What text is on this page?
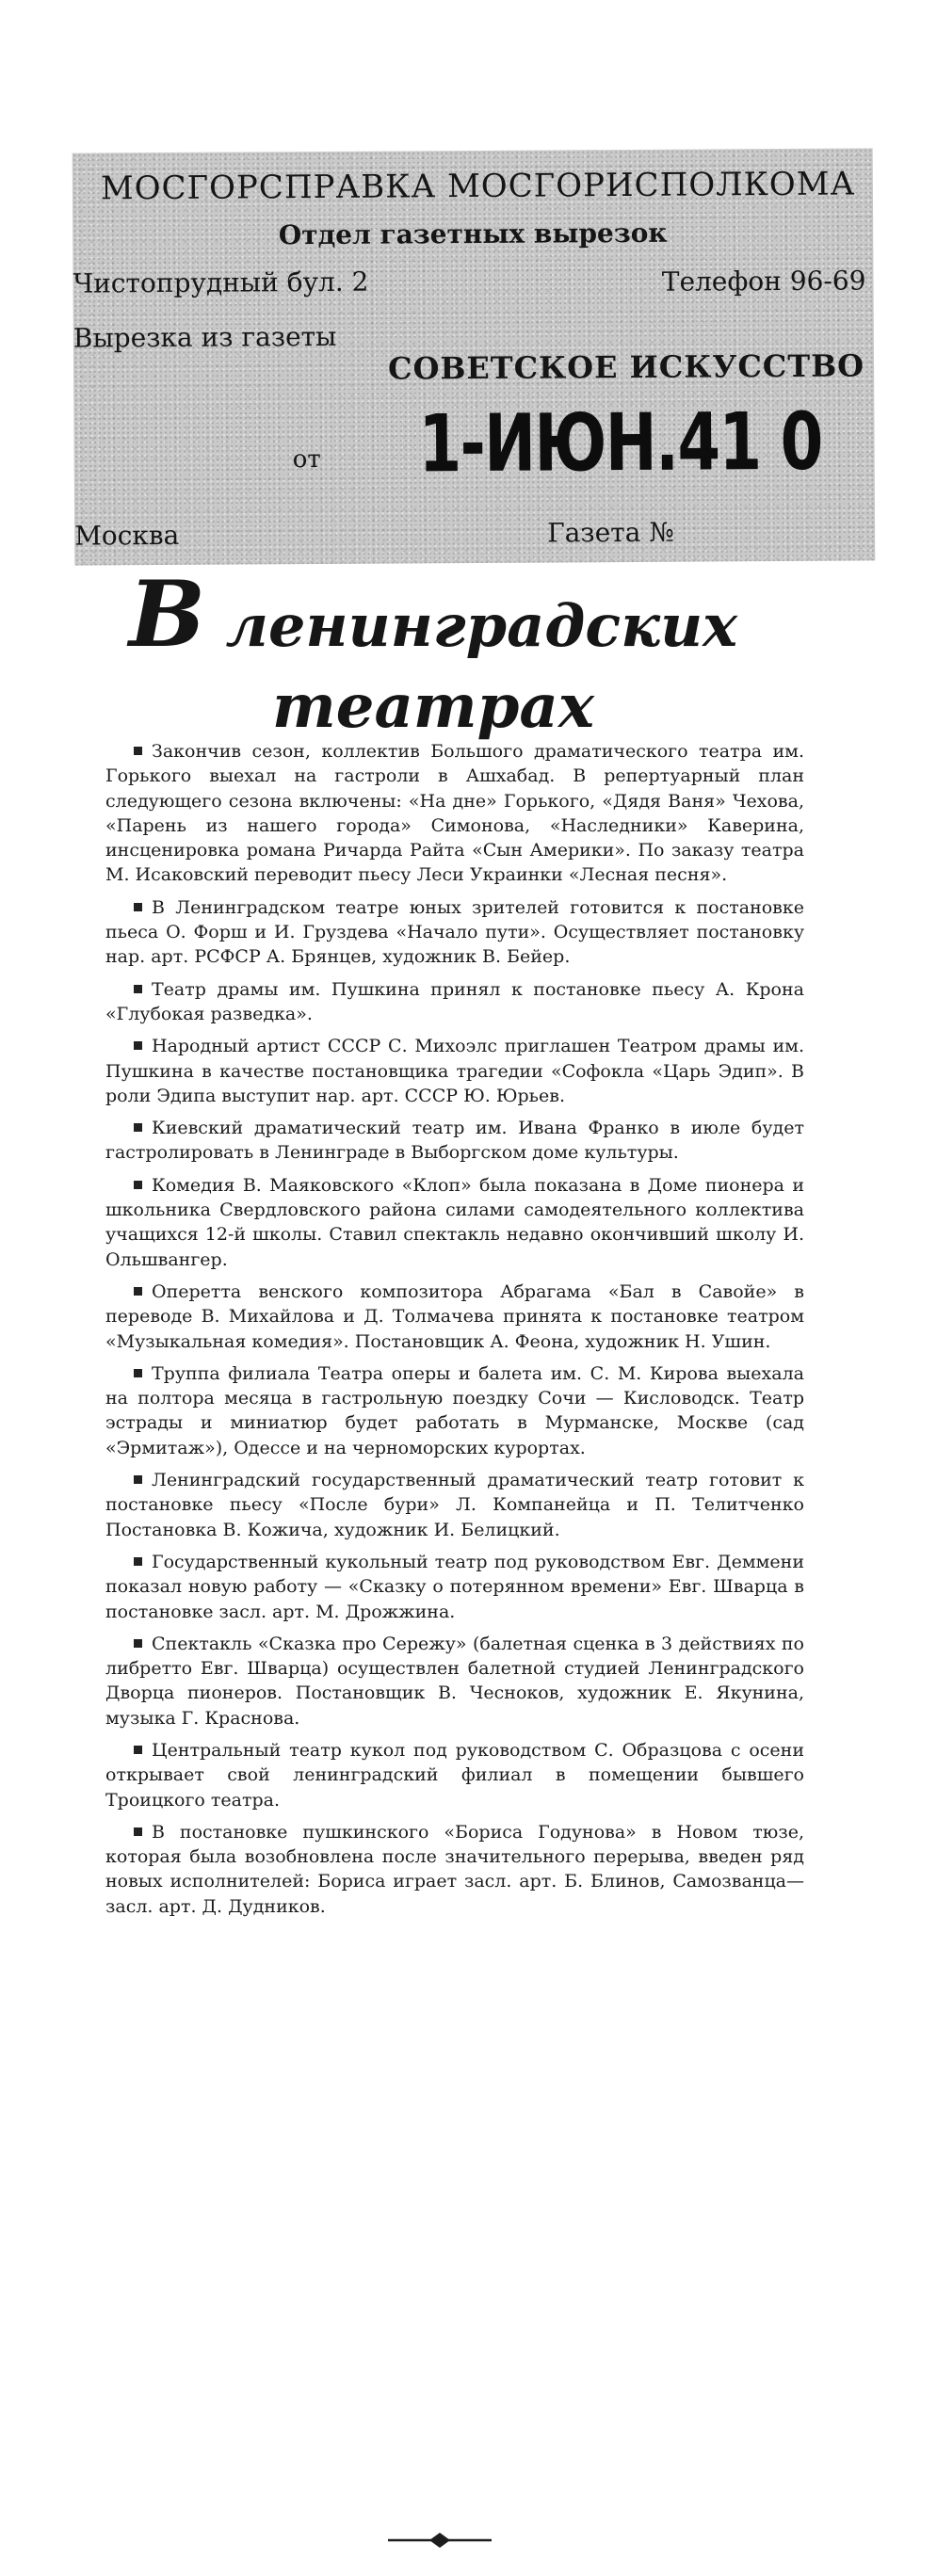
МОСГОРСПРАВКА МОСГОРИСПОЛКОМА
Отдел газетных вырезок
Чистопрудный бул. 2	Телефон 96-69
Вырезка из газеты
СОВЕТСКОЕ ИСКУССТВО
от 1-ИЮН.41 0
Москва	Газета №
В ленинградских
театрах

Закончив сезон, коллектив Большого драматического театра им. Горького выехал на гастроли в Ашхабад. В репертуарный план следующего сезона включены: «На дне» Горького, «Дядя Ваня» Чехова, «Парень из нашего города» Симонова, «Наследники» Каверина, инсценировка романа Ричарда Райта «Сын Америки». По заказу театра М. Исаковский переводит пьесу Леси Украинки «Лесная песня».

В Ленинградском театре юных зрителей готовится к постановке пьеса О. Форш и И. Груздева «Начало пути». Осуществляет постановку нар. арт. РСФСР А. Брянцев, художник В. Бейер.

Театр драмы им. Пушкина принял к постановке пьесу А. Крона «Глубокая разведка».

Народный артист СССР С. Михоэлс приглашен Театром драмы им. Пушкина в качестве постановщика трагедии «Софокла «Царь Эдип». В роли Эдипа выступит нар. арт. СССР Ю. Юрьев.

Киевский драматический театр им. Ивана Франко в июле будет гастролировать в Ленинграде в Выборгском доме культуры.

Комедия В. Маяковского «Клоп» была показана в Доме пионера и школьника Свердловского района силами самодеятельного коллектива учащихся 12-й школы. Ставил спектакль недавно окончивший школу И. Ольшвангер.

Оперетта венского композитора Абрагама «Бал в Савойе» в переводе В. Михайлова и Д. Толмачева принята к постановке театром «Музыкальная комедия». Постановщик А. Феона, художник Н. Ушин.

Труппа филиала Театра оперы и балета им. С. М. Кирова выехала на полтора месяца в гастрольную поездку Сочи — Кисловодск. Театр эстрады и миниатюр будет работать в Мурманске, Москве (сад «Эрмитаж»), Одессе и на черноморских курортах.

Ленинградский государственный драматический театр готовит к постановке пьесу «После бури» Л. Компанейца и П. Телитченко Постановка В. Кожича, художник И. Белицкий.

Государственный кукольный театр под руководством Евг. Деммени показал новую работу — «Сказку о потерянном времени» Евг. Шварца в постановке засл. арт. М. Дрожжина.

Спектакль «Сказка про Сережу» (балетная сценка в 3 действиях по либретто Евг. Шварца) осуществлен балетной студией Ленинградского Дворца пионеров. Постановщик В. Чесноков, художник Е. Якунина, музыка Г. Краснова.

Центральный театр кукол под руководством С. Образцова с осени открывает свой ленинградский филиал в помещении бывшего Троицкого театра.

В постановке пушкинского «Бориса Годунова» в Новом тюзе, которая была возобновлена после значительного перерыва, введен ряд новых исполнителей: Бориса играет засл. арт. Б. Блинов, Самозванца—засл. арт. Д. Дудников.
